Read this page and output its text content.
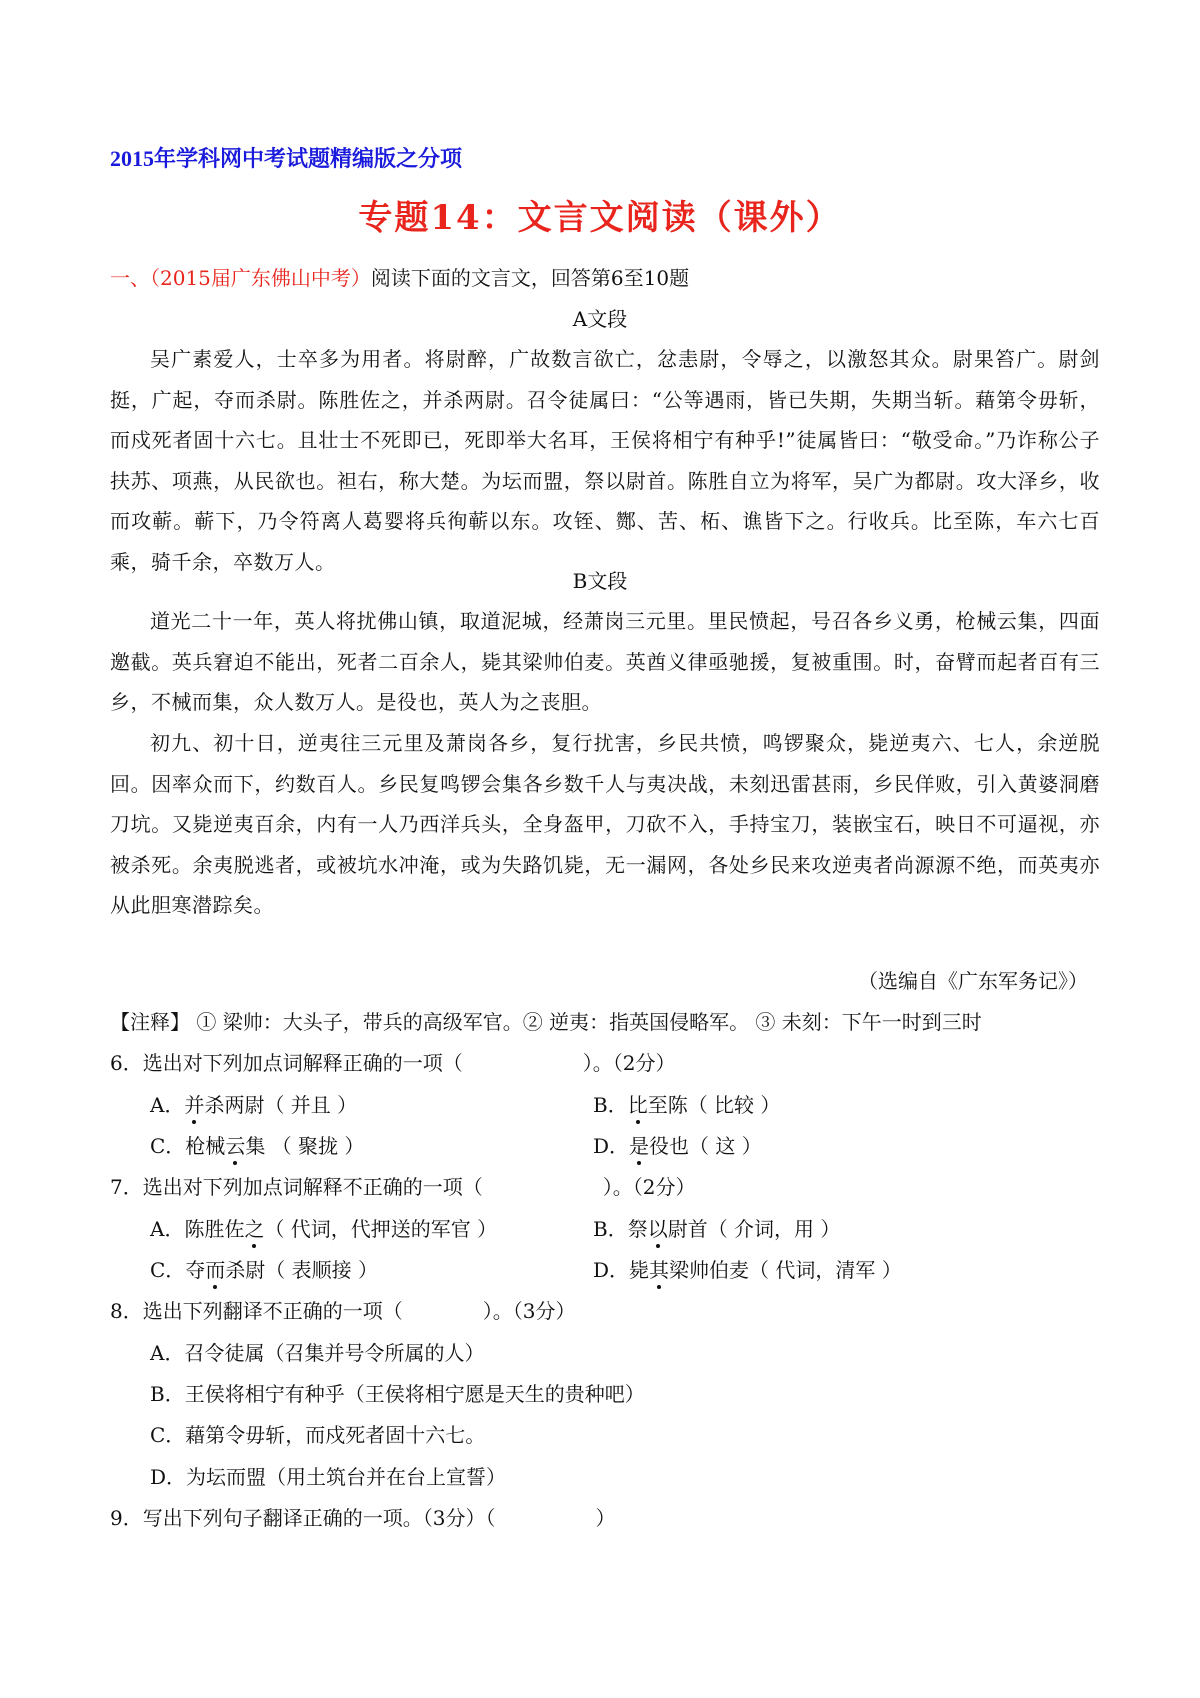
2015年学科网中考试题精编版之分项
专题14：文言文阅读（课外）
一、（2015届广东佛山中考）阅读下面的文言文，回答第6至10题
A文段
吴广素爱人，士卒多为用者。将尉醉，广故数言欲亡，忿恚尉，令辱之，以激怒其众。尉果笞广。尉剑挺，广起，夺而杀尉。陈胜佐之，并杀两尉。召令徒属曰：“公等遇雨，皆已失期，失期当斩。藉第令毋斩，而戍死者固十六七。且壮士不死即已，死即举大名耳，王侯将相宁有种乎!”徒属皆曰：“敬受命。”乃诈称公子扶苏、项燕，从民欲也。袒右，称大楚。为坛而盟，祭以尉首。陈胜自立为将军，吴广为都尉。攻大泽乡，收而攻蕲。蕲下，乃令符离人葛婴将兵徇蕲以东。攻铚、酂、苦、柘、谯皆下之。行收兵。比至陈，车六七百乘，骑千余，卒数万人。
B文段
道光二十一年，英人将扰佛山镇，取道泥城，经萧岗三元里。里民愤起，号召各乡义勇，枪械云集，四面邀截。英兵窘迫不能出，死者二百余人，毙其梁帅伯麦。英酋义律亟驰援，复被重围。时，奋臂而起者百有三乡，不械而集，众人数万人。是役也，英人为之丧胆。
初九、初十日，逆夷往三元里及萧岗各乡，复行扰害，乡民共愤，鸣锣聚众，毙逆夷六、七人，余逆脱回。因率众而下，约数百人。乡民复鸣锣会集各乡数千人与夷决战，未刻迅雷甚雨，乡民佯败，引入黄婆洞磨刀坑。又毙逆夷百余，内有一人乃西洋兵头，全身盔甲，刀砍不入，手持宝刀，装嵌宝石，映日不可逼视，亦被杀死。余夷脱逃者，或被坑水冲淹，或为失路饥毙，无一漏网，各处乡民来攻逆夷者尚源源不绝，而英夷亦从此胆寒潜踪矣。
（选编自《广东军务记》）
【注释】 ① 梁帅：大头子，带兵的高级军官。② 逆夷：指英国侵略军。 ③ 未刻：下午一时到三时
6．选出对下列加点词解释正确的一项（　　　　　　）。（2分）
A．并杀两尉（ 并且 ）	B．比至陈（ 比较 ）
C．枪械云集 （ 聚拢 ）	D．是役也（ 这 ）
7．选出对下列加点词解释不正确的一项（　　　　　　）。（2分）
A．陈胜佐之（ 代词，代押送的军官 ）	B．祭以尉首（ 介词，用 ）
C．夺而杀尉（ 表顺接 ）	D．毙其梁帅伯麦（ 代词，清军 ）
8．选出下列翻译不正确的一项（　　　　）。（3分）
A．召令徒属（召集并号令所属的人）
B．王侯将相宁有种乎（王侯将相宁愿是天生的贵种吧）
C．藉第令毋斩，而戍死者固十六七。
D．为坛而盟（用土筑台并在台上宣誓）
9．写出下列句子翻译正确的一项。（3分）（　　　　　）
